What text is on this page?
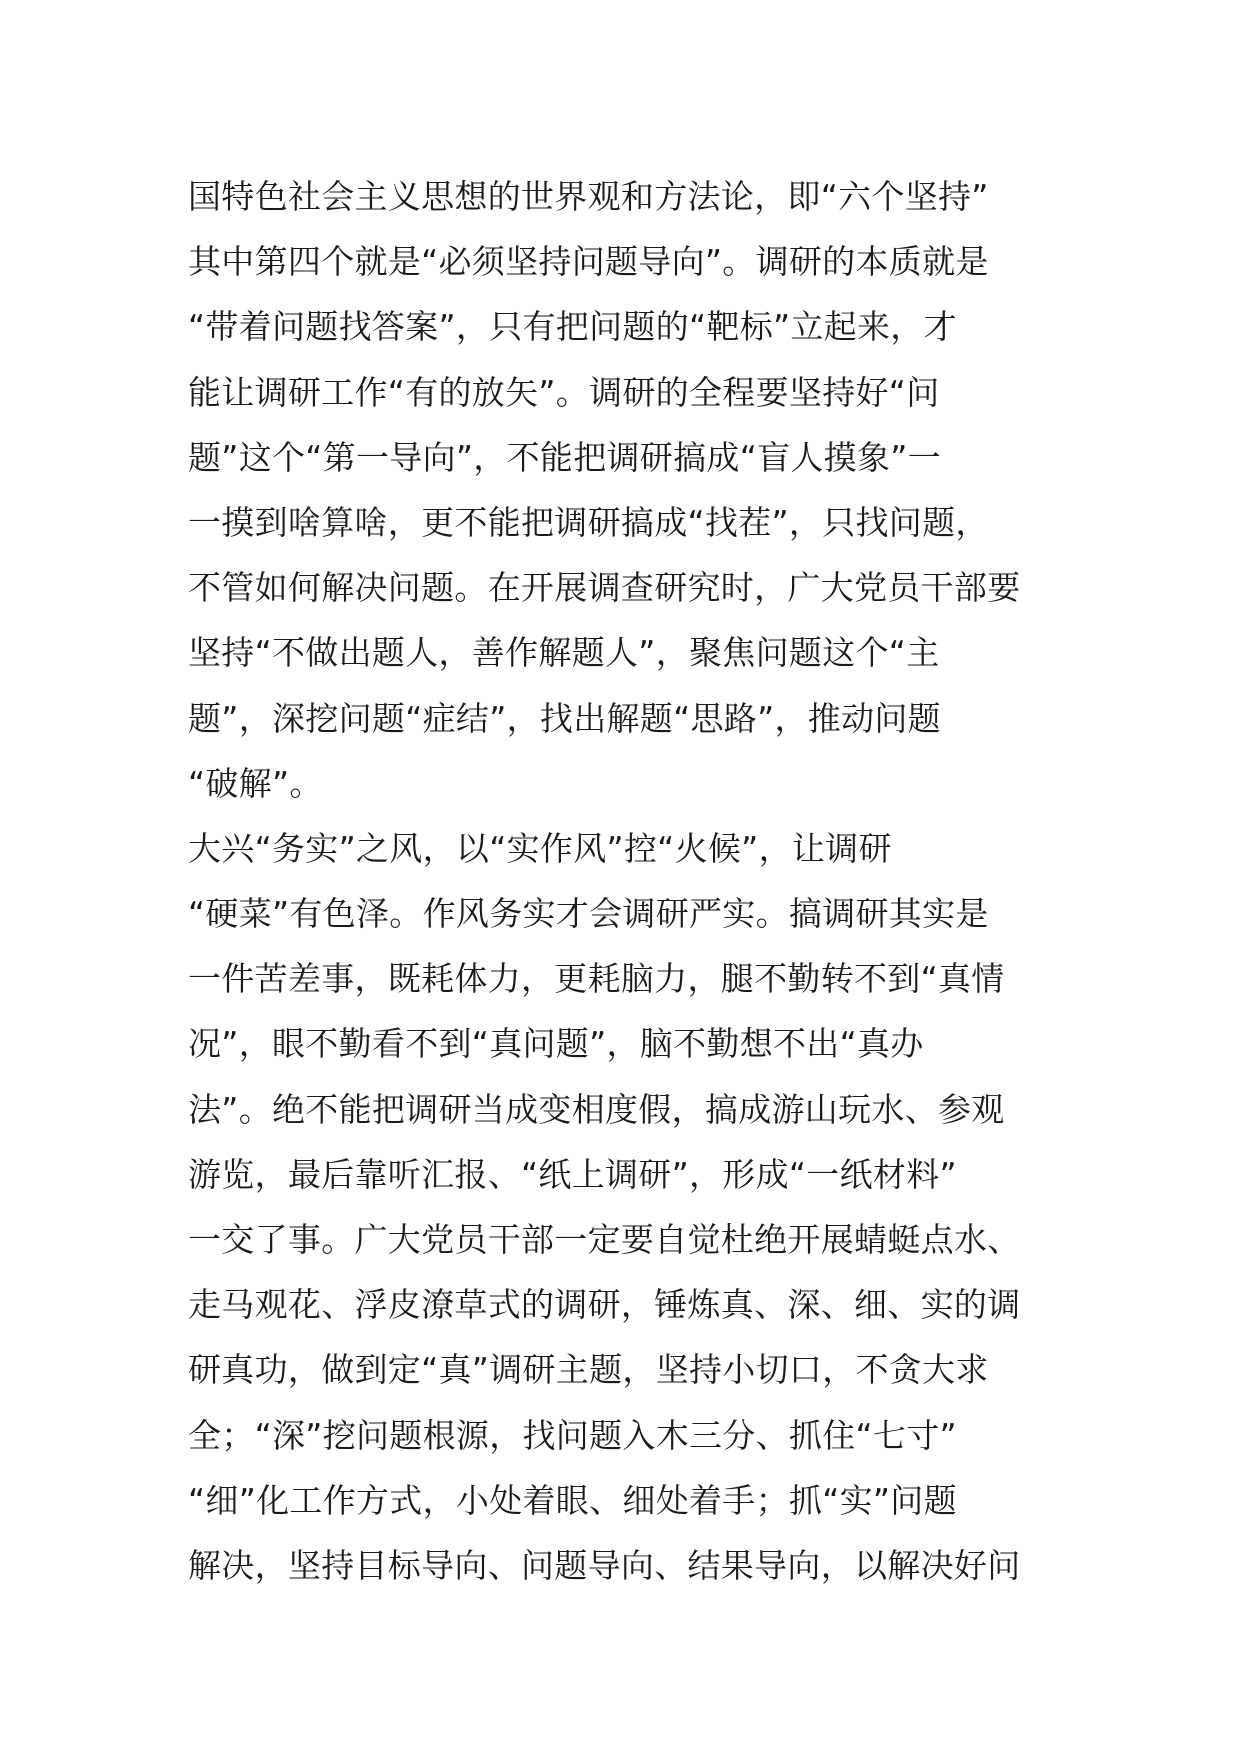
国特色社会主义思想的世界观和方法论，即“六个坚持”
其中第四个就是“必须坚持问题导向”。调研的本质就是
“带着问题找答案”，只有把问题的“靶标”立起来，才
能让调研工作“有的放矢”。调研的全程要坚持好“问
题”这个“第一导向”，不能把调研搞成“盲人摸象”一
一摸到啥算啥，更不能把调研搞成“找茬”，只找问题，
不管如何解决问题。在开展调查研究时，广大党员干部要
坚持“不做出题人，善作解题人”，聚焦问题这个“主
题”，深挖问题“症结”，找出解题“思路”，推动问题
“破解”。
大兴“务实”之风，以“实作风”控“火候”，让调研
“硬菜”有色泽。作风务实才会调研严实。搞调研其实是
一件苦差事，既耗体力，更耗脑力，腿不勤转不到“真情
况”，眼不勤看不到“真问题”，脑不勤想不出“真办
法”。绝不能把调研当成变相度假，搞成游山玩水、参观
游览，最后靠听汇报、“纸上调研”，形成“一纸材料”
一交了事。广大党员干部一定要自觉杜绝开展蜻蜓点水、
走马观花、浮皮潦草式的调研，锤炼真、深、细、实的调
研真功，做到定“真”调研主题，坚持小切口，不贪大求
全；“深”挖问题根源，找问题入木三分、抓住“七寸”
“细”化工作方式，小处着眼、细处着手；抓“实”问题
解决，坚持目标导向、问题导向、结果导向，以解决好问
